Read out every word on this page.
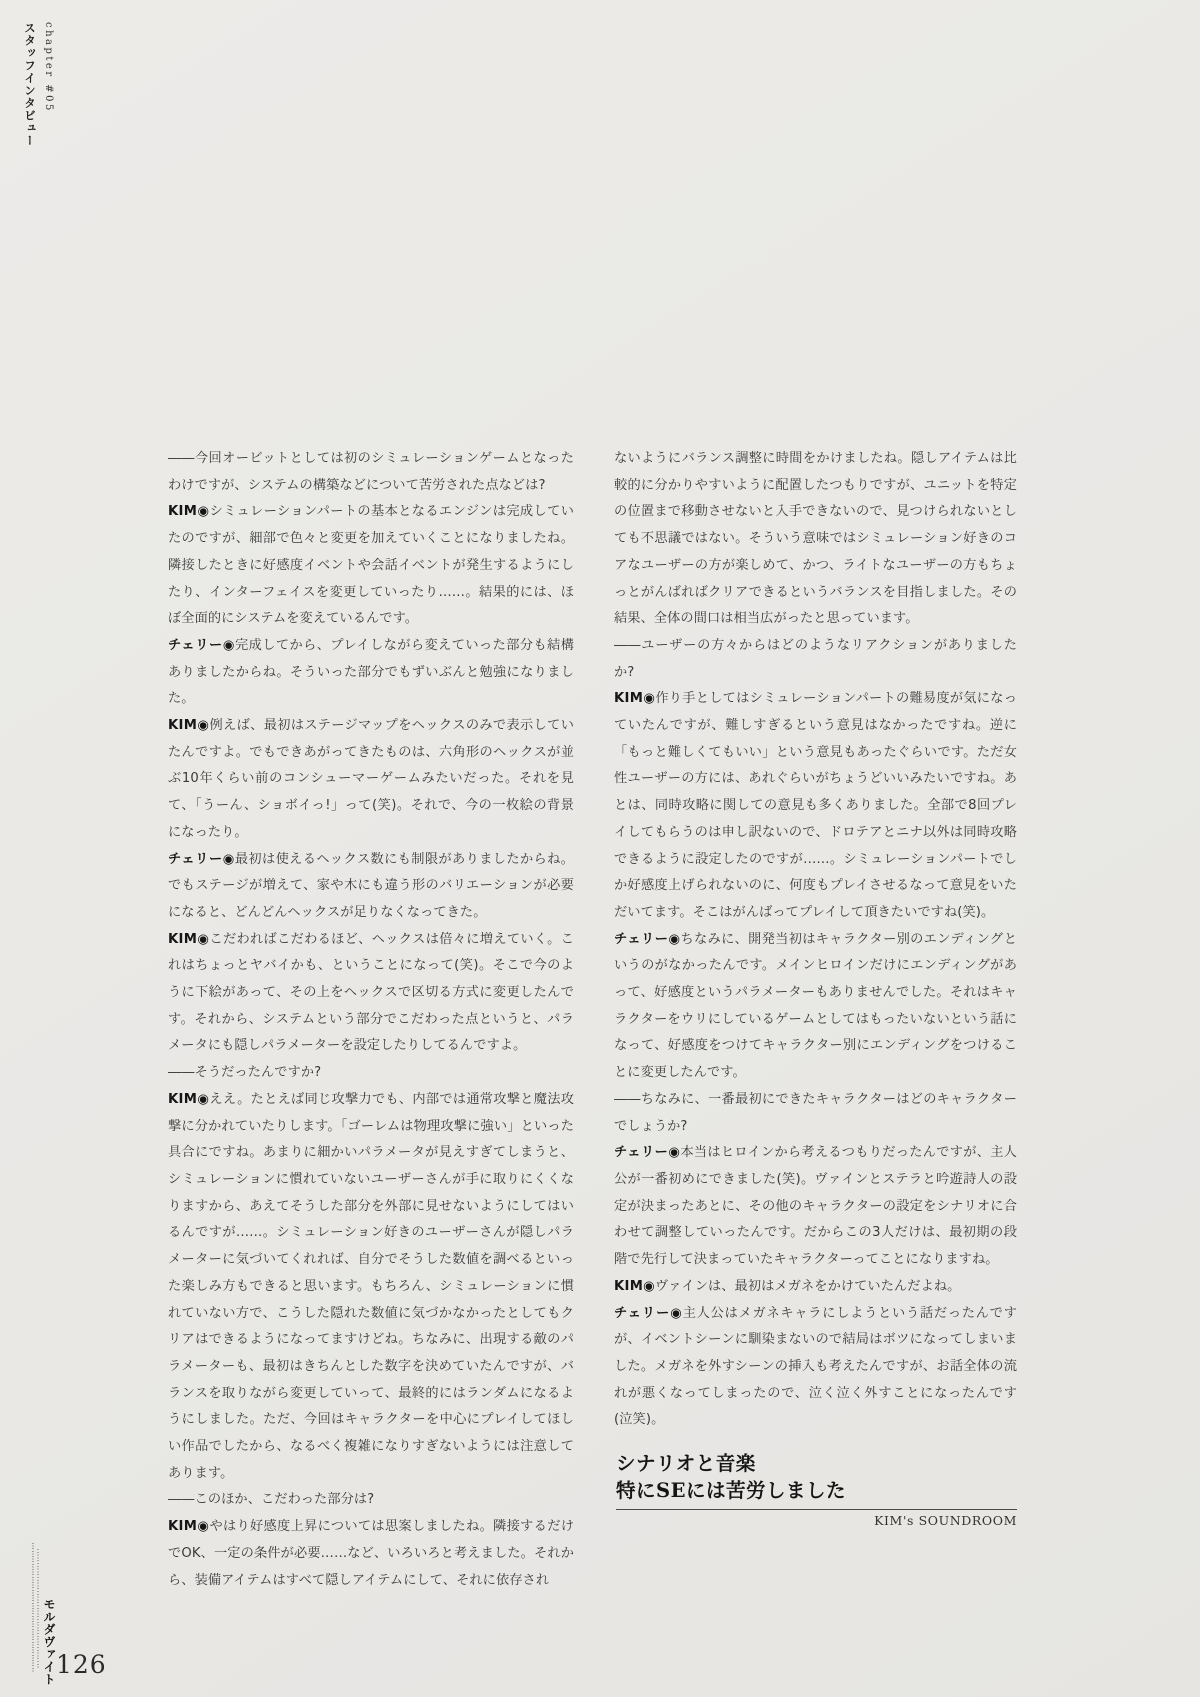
スタッフインタビュー chapter #05

――今回オービットとしては初のシミュレーションゲームとなったわけですが、システムの構築などについて苦労された点などは?

KIM◉シミュレーションパートの基本となるエンジンは完成していたのですが、細部で色々と変更を加えていくことになりましたね。隣接したときに好感度イベントや会話イベントが発生するようにしたり、インターフェイスを変更していったり……。結果的には、ほぼ全面的にシステムを変えているんです。

チェリー◉完成してから、プレイしながら変えていった部分も結構ありましたからね。そういった部分でもずいぶんと勉強になりました。

KIM◉例えば、最初はステージマップをヘックスのみで表示していたんですよ。でもできあがってきたものは、六角形のヘックスが並ぶ10年くらい前のコンシューマーゲームみたいだった。それを見て、「うーん、ショボイっ!」って(笑)。それで、今の一枚絵の背景になったり。

チェリー◉最初は使えるヘックス数にも制限がありましたからね。でもステージが増えて、家や木にも違う形のバリエーションが必要になると、どんどんヘックスが足りなくなってきた。

KIM◉こだわればこだわるほど、ヘックスは倍々に増えていく。これはちょっとヤバイかも、ということになって(笑)。そこで今のように下絵があって、その上をヘックスで区切る方式に変更したんです。それから、システムという部分でこだわった点というと、パラメータにも隠しパラメーターを設定したりしてるんですよ。

――そうだったんですか?

KIM◉ええ。たとえば同じ攻撃力でも、内部では通常攻撃と魔法攻撃に分かれていたりします。「ゴーレムは物理攻撃に強い」といった具合にですね。あまりに細かいパラメータが見えすぎてしまうと、シミュレーションに慣れていないユーザーさんが手に取りにくくなりますから、あえてそうした部分を外部に見せないようにしてはいるんですが……。シミュレーション好きのユーザーさんが隠しパラメーターに気づいてくれれば、自分でそうした数値を調べるといった楽しみ方もできると思います。もちろん、シミュレーションに慣れていない方で、こうした隠れた数値に気づかなかったとしてもクリアはできるようになってますけどね。ちなみに、出現する敵のパラメーターも、最初はきちんとした数字を決めていたんですが、バランスを取りながら変更していって、最終的にはランダムになるようにしました。ただ、今回はキャラクターを中心にプレイしてほしい作品でしたから、なるべく複雑になりすぎないようには注意してあります。

――このほか、こだわった部分は?

KIM◉やはり好感度上昇については思案しましたね。隣接するだけでOK、一定の条件が必要……など、いろいろと考えました。それから、装備アイテムはすべて隠しアイテムにして、それに依存され

ないようにバランス調整に時間をかけましたね。隠しアイテムは比較的に分かりやすいように配置したつもりですが、ユニットを特定の位置まで移動させないと入手できないので、見つけられないとしても不思議ではない。そういう意味ではシミュレーション好きのコアなユーザーの方が楽しめて、かつ、ライトなユーザーの方もちょっとがんばればクリアできるというバランスを目指しました。その結果、全体の間口は相当広がったと思っています。

――ユーザーの方々からはどのようなリアクションがありましたか?

KIM◉作り手としてはシミュレーションパートの難易度が気になっていたんですが、難しすぎるという意見はなかったですね。逆に「もっと難しくてもいい」という意見もあったぐらいです。ただ女性ユーザーの方には、あれぐらいがちょうどいいみたいですね。あとは、同時攻略に関しての意見も多くありました。全部で8回プレイしてもらうのは申し訳ないので、ドロテアとニナ以外は同時攻略できるように設定したのですが……。シミュレーションパートでしか好感度上げられないのに、何度もプレイさせるなって意見をいただいてます。そこはがんばってプレイして頂きたいですね(笑)。

チェリー◉ちなみに、開発当初はキャラクター別のエンディングというのがなかったんです。メインヒロインだけにエンディングがあって、好感度というパラメーターもありませんでした。それはキャラクターをウリにしているゲームとしてはもったいないという話になって、好感度をつけてキャラクター別にエンディングをつけることに変更したんです。

――ちなみに、一番最初にできたキャラクターはどのキャラクターでしょうか?

チェリー◉本当はヒロインから考えるつもりだったんですが、主人公が一番初めにできました(笑)。ヴァインとステラと吟遊詩人の設定が決まったあとに、その他のキャラクターの設定をシナリオに合わせて調整していったんです。だからこの3人だけは、最初期の段階で先行して決まっていたキャラクターってことになりますね。

KIM◉ヴァインは、最初はメガネをかけていたんだよね。

チェリー◉主人公はメガネキャラにしようという話だったんですが、イベントシーンに馴染まないので結局はボツになってしまいました。メガネを外すシーンの挿入も考えたんですが、お話全体の流れが悪くなってしまったので、泣く泣く外すことになったんです(泣笑)。

シナリオと音楽
特にSEには苦労しました
KIM's SOUNDROOM
モルダヴァイト 126
